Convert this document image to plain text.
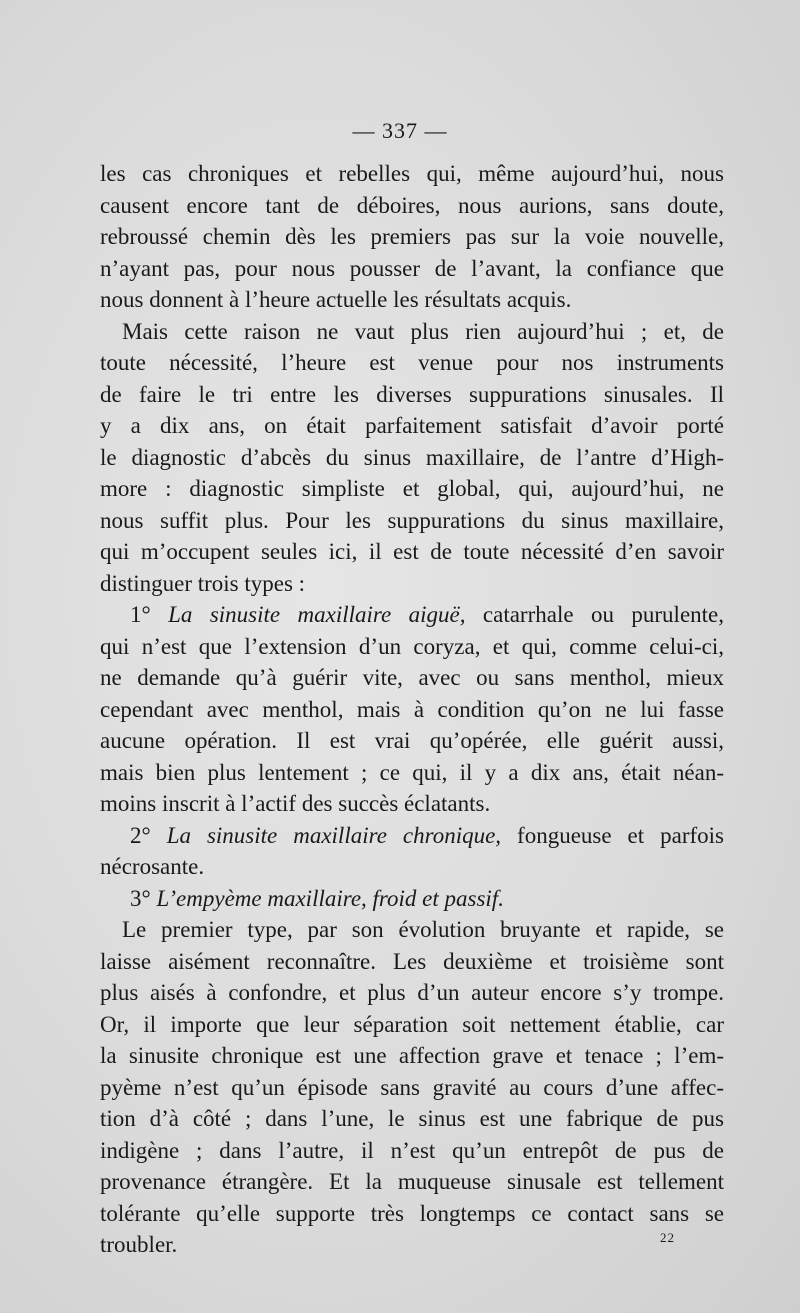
— 337 —
les cas chroniques et rebelles qui, même aujourd’hui, nous
causent encore tant de déboires, nous aurions, sans doute,
rebroussé chemin dès les premiers pas sur la voie nouvelle,
n’ayant pas, pour nous pousser de l’avant, la confiance que
nous donnent à l’heure actuelle les résultats acquis.
Mais cette raison ne vaut plus rien aujourd’hui ; et, de
toute nécessité, l’heure est venue pour nos instruments
de faire le tri entre les diverses suppurations sinusales. Il
y a dix ans, on était parfaitement satisfait d’avoir porté
le diagnostic d’abcès du sinus maxillaire, de l’antre d’High-
more : diagnostic simpliste et global, qui, aujourd’hui, ne
nous suffit plus. Pour les suppurations du sinus maxillaire,
qui m’occupent seules ici, il est de toute nécessité d’en savoir
distinguer trois types :
1° La sinusite maxillaire aiguë, catarrhale ou purulente,
qui n’est que l’extension d’un coryza, et qui, comme celui-ci,
ne demande qu’à guérir vite, avec ou sans menthol, mieux
cependant avec menthol, mais à condition qu’on ne lui fasse
aucune opération. Il est vrai qu’opérée, elle guérit aussi,
mais bien plus lentement ; ce qui, il y a dix ans, était néan-
moins inscrit à l’actif des succès éclatants.
2° La sinusite maxillaire chronique, fongueuse et parfois
nécrosante.
3° L’empyème maxillaire, froid et passif.
Le premier type, par son évolution bruyante et rapide, se
laisse aisément reconnaître. Les deuxième et troisième sont
plus aisés à confondre, et plus d’un auteur encore s’y trompe.
Or, il importe que leur séparation soit nettement établie, car
la sinusite chronique est une affection grave et tenace ; l’em-
pyème n’est qu’un épisode sans gravité au cours d’une affec-
tion d’à côté ; dans l’une, le sinus est une fabrique de pus
indigène ; dans l’autre, il n’est qu’un entrepôt de pus de
provenance étrangère. Et la muqueuse sinusale est tellement
tolérante qu’elle supporte très longtemps ce contact sans se
troubler.	22
